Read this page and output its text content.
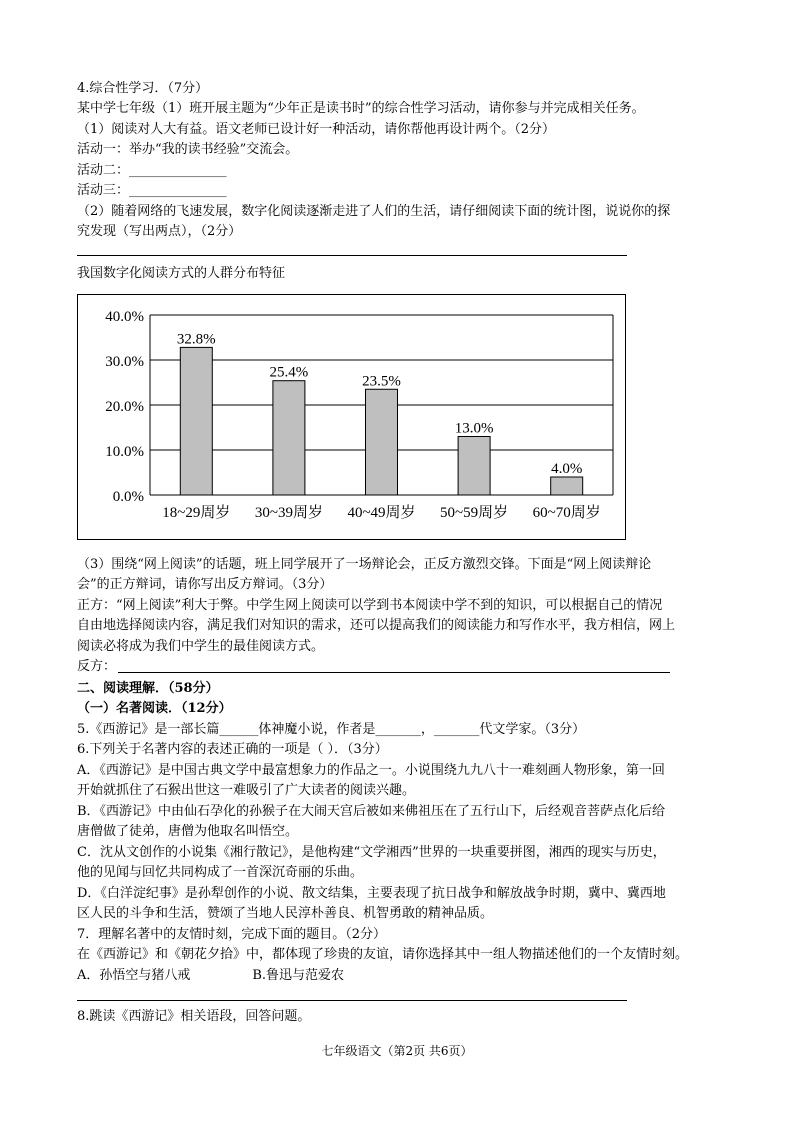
4.综合性学习．（7分）
某中学七年级（1）班开展主题为“少年正是读书时”的综合性学习活动，请你参与并完成相关任务。
（1）阅读对人大有益。语文老师已设计好一种活动，请你帮他再设计两个。（2分）
活动一：举办“我的读书经验”交流会。
活动二：_______________
活动三：_______________
（2）随着网络的飞速发展，数字化阅读逐渐走进了人们的生活，请仔细阅读下面的统计图，说说你的探
究发现（写出两点），（2分）
我国数字化阅读方式的人群分布特征
0.0%
10.0%
20.0%
30.0%
40.0%
32.8%
18~29周岁
25.4%
30~39周岁
23.5%
40~49周岁
13.0%
50~59周岁
4.0%
60~70周岁
（3）围绕“网上阅读”的话题，班上同学展开了一场辩论会，正反方激烈交锋。下面是“网上阅读辩论
会”的正方辩词，请你写出反方辩词。（3分）
正方：“网上阅读”利大于弊。中学生网上阅读可以学到书本阅读中学不到的知识，可以根据自己的情况
自由地选择阅读内容，满足我们对知识的需求，还可以提高我们的阅读能力和写作水平，我方相信，网上
阅读必将成为我们中学生的最佳阅读方式。
反方：
二、阅读理解．（58分）
（一）名著阅读．（12分）
5.《西游记》是一部长篇______体神魔小说，作者是_______，_______代文学家。（3分）
6.下列关于名著内容的表述正确的一项是（ ）．（3分）
A．《西游记》是中国古典文学中最富想象力的作品之一。小说围绕九九八十一难刻画人物形象，第一回
开始就抓住了石猴出世这一难吸引了广大读者的阅读兴趣。
B．《西游记》中由仙石孕化的孙猴子在大闹天宫后被如来佛祖压在了五行山下，后经观音菩萨点化后给
唐僧做了徒弟，唐僧为他取名叫悟空。
C．沈从文创作的小说集《湘行散记》，是他构建“文学湘西”世界的一块重要拼图，湘西的现实与历史，
他的见闻与回忆共同构成了一首深沉奇丽的乐曲。
D．《白洋淀纪事》是孙犁创作的小说、散文结集，主要表现了抗日战争和解放战争时期，冀中、冀西地
区人民的斗争和生活，赞颂了当地人民淳朴善良、机智勇敢的精神品质。
7．理解名著中的友情时刻，完成下面的题目。（2分）
在《西游记》和《朝花夕拾》中，都体现了珍贵的友谊，请你选择其中一组人物描述他们的一个友情时刻。
A．孙悟空与猪八戒               B.鲁迅与范爱农
8.跳读《西游记》相关语段，回答问题。
七年级语文（第2页 共6页）
